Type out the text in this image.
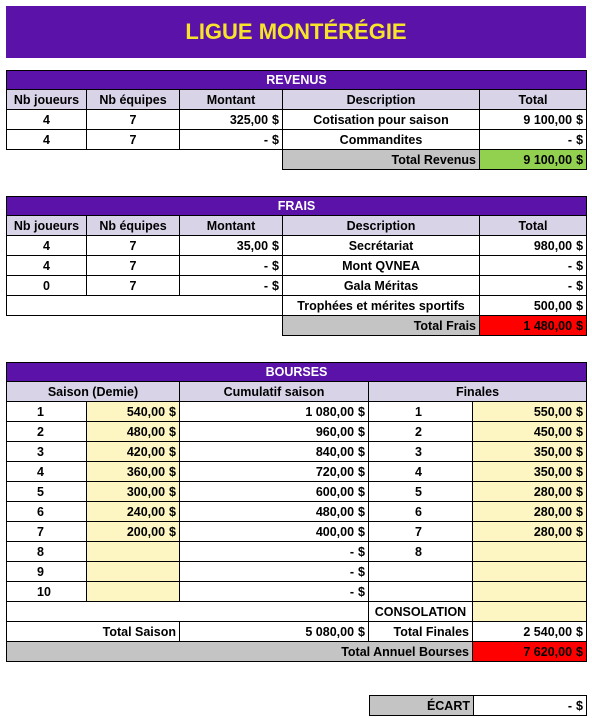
LIGUE MONTÉRÉGIE
REVENUS				
Nb joueurs	Nb équipes	Montant	Description	Total
4	7	325,00 $	Cotisation pour saison	9 100,00 $

4	7	- $	Commandites	- $

			Total Revenus	9 100,00 $
FRAIS				
Nb joueurs	Nb équipes	Montant	Description	Total
4	7	35,00 $	Secrétariat	980,00 $

4	7	- $	Mont QVNEA	- $

0	7	- $	Gala Méritas	- $

			Trophées et mérites sportifs	500,00 $

			Total Frais	1 480,00 $
BOURSES				
Saison (Demie)		Cumulatif saison	Finales	
1	540,00 $	1 080,00 $	1	550,00 $

2	480,00 $	960,00 $	2	450,00 $

3	420,00 $	840,00 $	3	350,00 $

4	360,00 $	720,00 $	4	350,00 $

5	300,00 $	600,00 $	5	280,00 $

6	240,00 $	480,00 $	6	280,00 $

7	200,00 $	400,00 $	7	280,00 $

8		- $	8	
9		- $		

10		- $		

			CONSOLATION	
Total Saison		5 080,00 $	Total Finales	2 540,00 $

Total Annuel Bourses				7 620,00 $
ÉCART	- $
